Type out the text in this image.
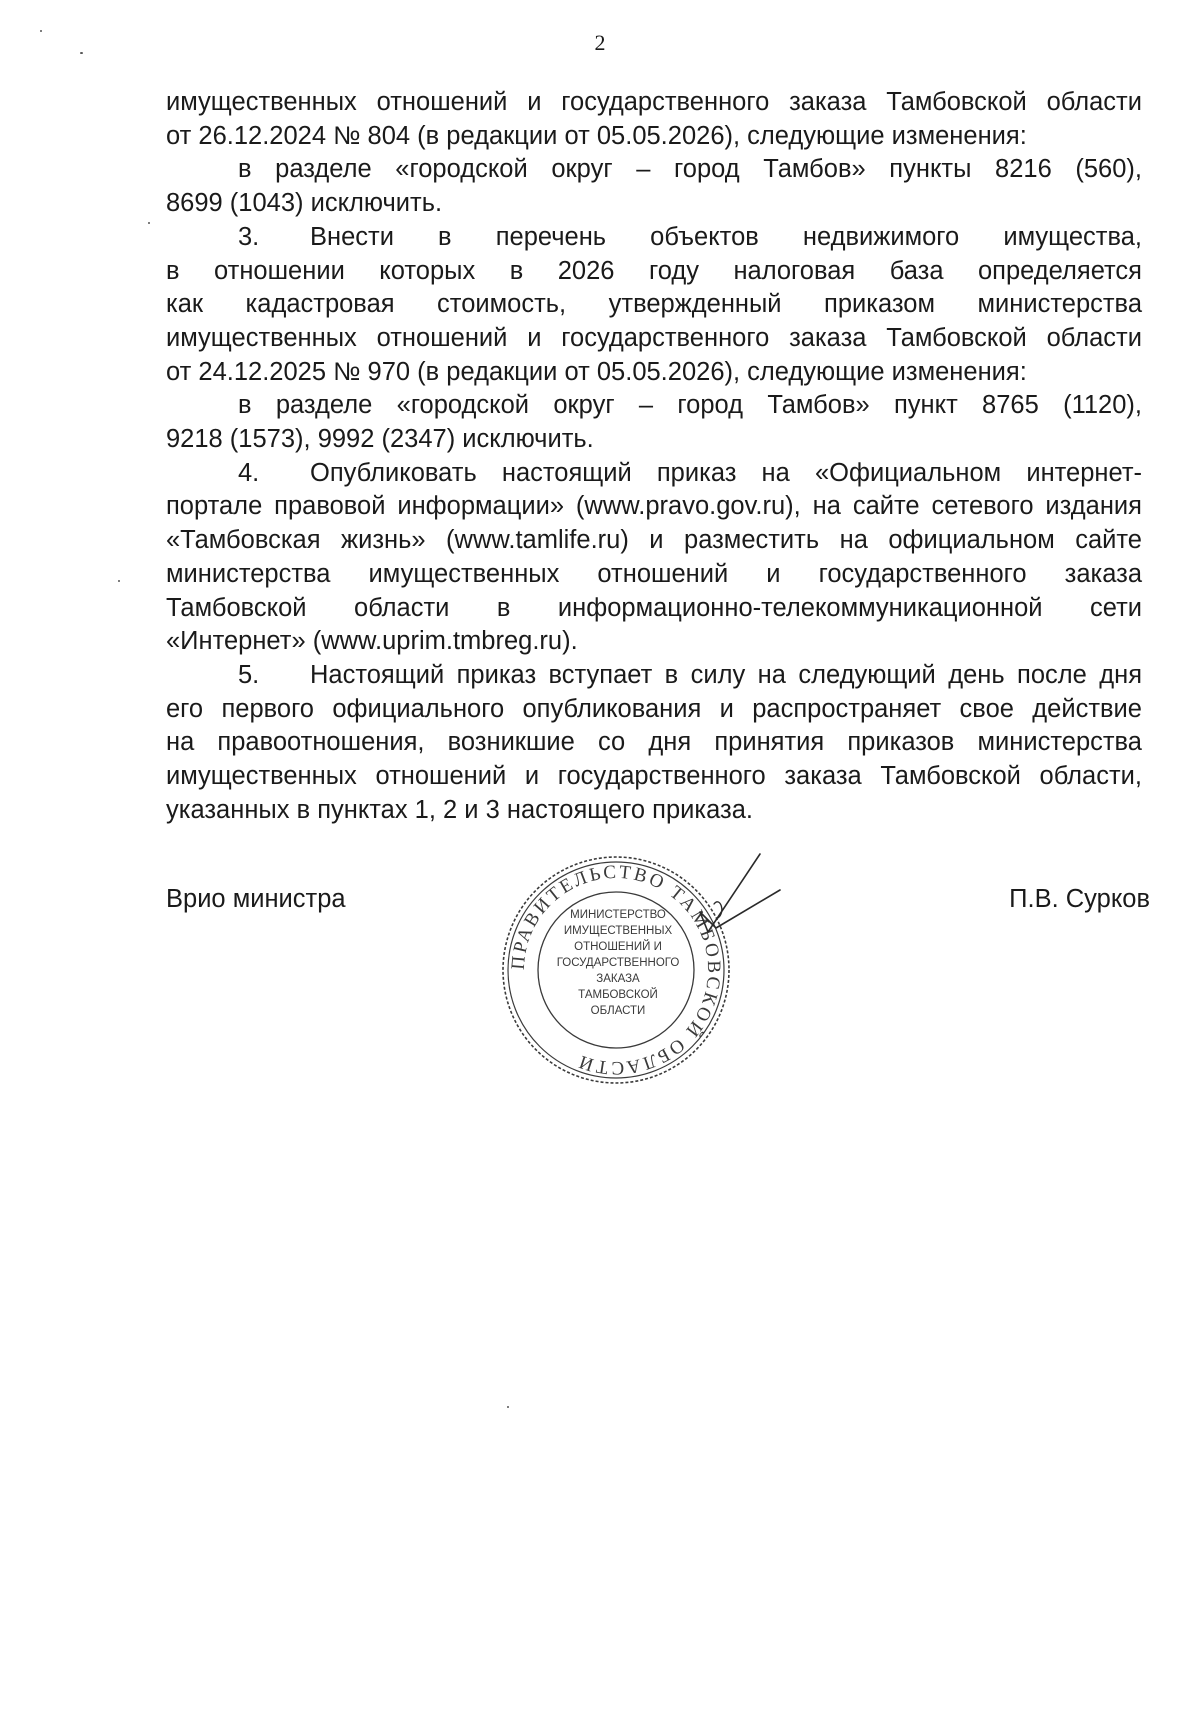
2

имущественных отношений и государственного заказа Тамбовской области

от 26.12.2024 № 804 (в редакции от 05.05.2026), следующие изменения:

в разделе «городской округ – город Тамбов» пункты 8216 (560),

8699 (1043) исключить.

3. Внести в перечень объектов недвижимого имущества,

в отношении которых в 2026 году налоговая база определяется

как кадастровая стоимость, утвержденный приказом министерства

имущественных отношений и государственного заказа Тамбовской области

от 24.12.2025 № 970 (в редакции от 05.05.2026), следующие изменения:

в разделе «городской округ – город Тамбов» пункт 8765 (1120),

9218 (1573), 9992 (2347) исключить.

4. Опубликовать настоящий приказ на «Официальном интернет-

портале правовой информации» (www.pravo.gov.ru), на сайте сетевого издания

«Тамбовская жизнь» (www.tamlife.ru) и разместить на официальном сайте

министерства имущественных отношений и государственного заказа

Тамбовской области в информационно-телекоммуникационной сети

«Интернет» (www.uprim.tmbreg.ru).

5. Настоящий приказ вступает в силу на следующий день после дня

его первого официального опубликования и распространяет свое действие

на правоотношения, возникшие со дня принятия приказов министерства

имущественных отношений и государственного заказа Тамбовской области,

указанных в пунктах 1, 2 и 3 настоящего приказа.

Врио министра	П.В. Сурков
ПРАВИТЕЛЬСТВО ТАМБОВСКОЙ ОБЛАСТИ
МИНИСТЕРСТВО
ИМУЩЕСТВЕННЫХ
ОТНОШЕНИЙ И
ГОСУДАРСТВЕННОГО
ЗАКАЗА
ТАМБОВСКОЙ
ОБЛАСТИ
